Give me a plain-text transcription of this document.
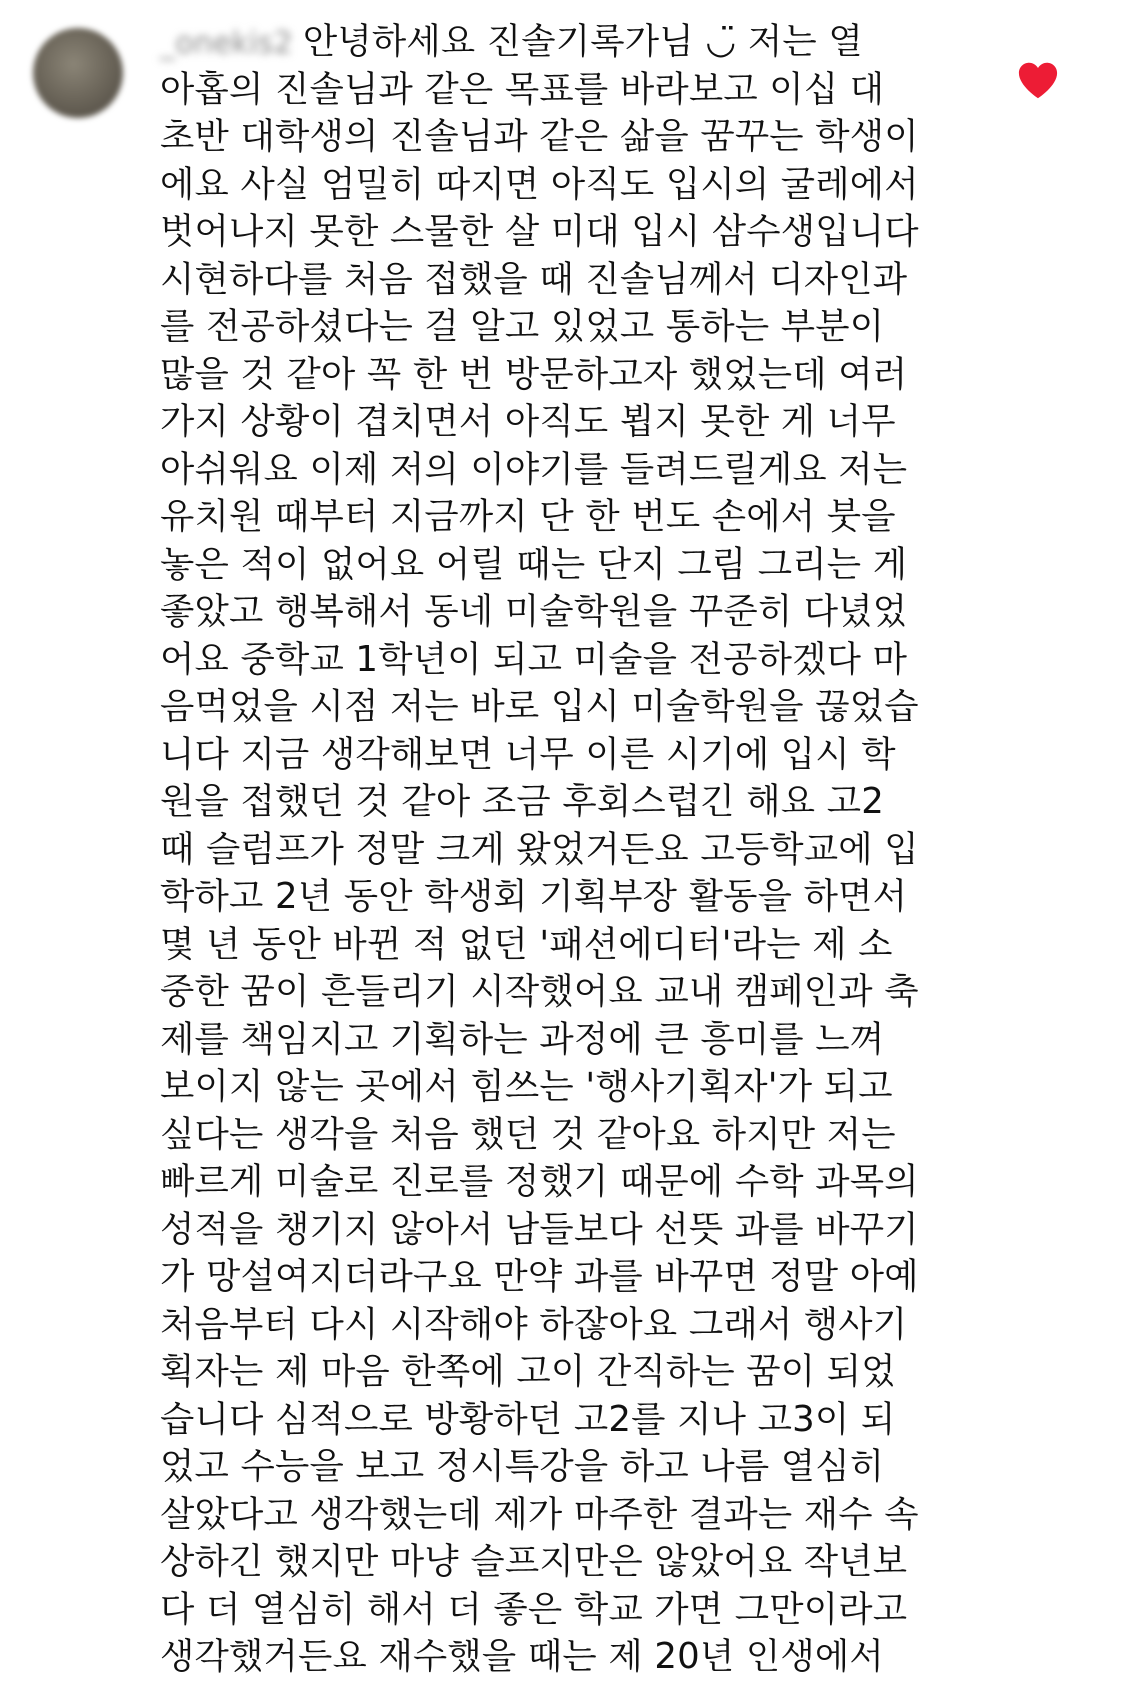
_onekis2 안녕하세요 진솔기록가님 ◡̈ 저는 열
아홉의 진솔님과 같은 목표를 바라보고 이십 대
초반 대학생의 진솔님과 같은 삶을 꿈꾸는 학생이
에요 사실 엄밀히 따지면 아직도 입시의 굴레에서
벗어나지 못한 스물한 살 미대 입시 삼수생입니다
시현하다를 처음 접했을 때 진솔님께서 디자인과
를 전공하셨다는 걸 알고 있었고 통하는 부분이
많을 것 같아 꼭 한 번 방문하고자 했었는데 여러
가지 상황이 겹치면서 아직도 뵙지 못한 게 너무
아쉬워요 이제 저의 이야기를 들려드릴게요 저는
유치원 때부터 지금까지 단 한 번도 손에서 붓을
놓은 적이 없어요 어릴 때는 단지 그림 그리는 게
좋았고 행복해서 동네 미술학원을 꾸준히 다녔었
어요 중학교 1학년이 되고 미술을 전공하겠다 마
음먹었을 시점 저는 바로 입시 미술학원을 끊었습
니다 지금 생각해보면 너무 이른 시기에 입시 학
원을 접했던 것 같아 조금 후회스럽긴 해요 고2
때 슬럼프가 정말 크게 왔었거든요 고등학교에 입
학하고 2년 동안 학생회 기획부장 활동을 하면서
몇 년 동안 바뀐 적 없던 '패션에디터'라는 제 소
중한 꿈이 흔들리기 시작했어요 교내 캠페인과 축
제를 책임지고 기획하는 과정에 큰 흥미를 느껴
보이지 않는 곳에서 힘쓰는 '행사기획자'가 되고
싶다는 생각을 처음 했던 것 같아요 하지만 저는
빠르게 미술로 진로를 정했기 때문에 수학 과목의
성적을 챙기지 않아서 남들보다 선뜻 과를 바꾸기
가 망설여지더라구요 만약 과를 바꾸면 정말 아예
처음부터 다시 시작해야 하잖아요 그래서 행사기
획자는 제 마음 한쪽에 고이 간직하는 꿈이 되었
습니다 심적으로 방황하던 고2를 지나 고3이 되
었고 수능을 보고 정시특강을 하고 나름 열심히
살았다고 생각했는데 제가 마주한 결과는 재수 속
상하긴 했지만 마냥 슬프지만은 않았어요 작년보
다 더 열심히 해서 더 좋은 학교 가면 그만이라고
생각했거든요 재수했을 때는 제 20년 인생에서
